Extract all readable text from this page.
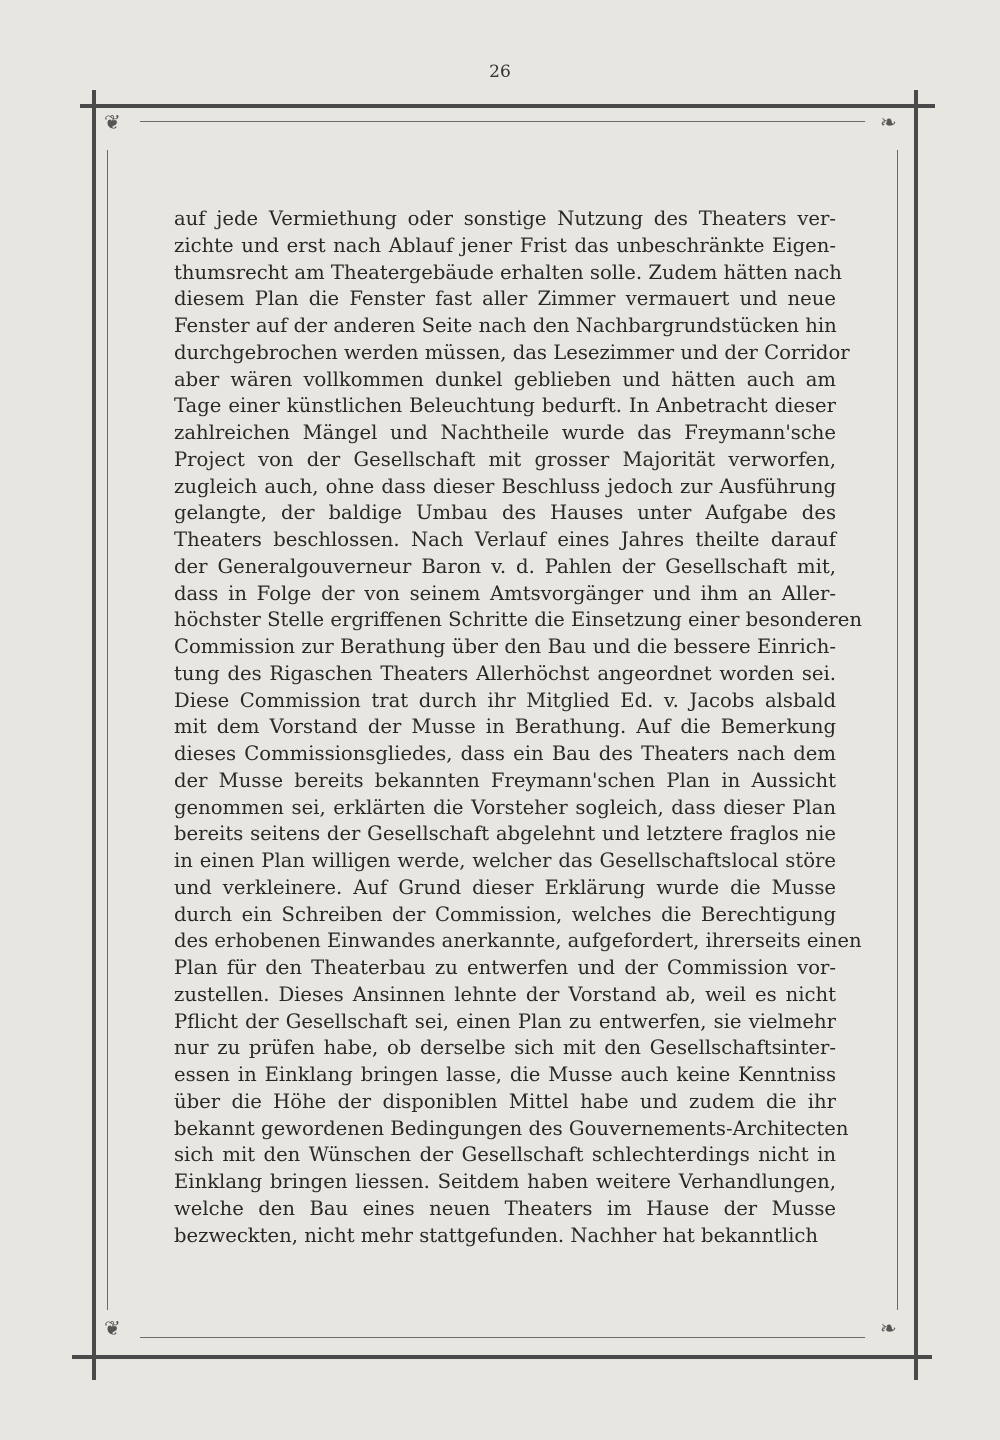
26
❦	❧
❦	❧

auf jede Vermiethung oder sonstige Nutzung des Theaters ver-
zichte und erst nach Ablauf jener Frist das unbeschränkte Eigen-
thumsrecht am Theatergebäude erhalten solle. Zudem hätten nach
diesem Plan die Fenster fast aller Zimmer vermauert und neue
Fenster auf der anderen Seite nach den Nachbargrundstücken hin
durchgebrochen werden müssen, das Lesezimmer und der Corridor
aber wären vollkommen dunkel geblieben und hätten auch am
Tage einer künstlichen Beleuchtung bedurft. In Anbetracht dieser
zahlreichen Mängel und Nachtheile wurde das Freymann'sche
Project von der Gesellschaft mit grosser Majorität verworfen,
zugleich auch, ohne dass dieser Beschluss jedoch zur Ausführung
gelangte, der baldige Umbau des Hauses unter Aufgabe des
Theaters beschlossen. Nach Verlauf eines Jahres theilte darauf
der Generalgouverneur Baron v. d. Pahlen der Gesellschaft mit,
dass in Folge der von seinem Amtsvorgänger und ihm an Aller-
höchster Stelle ergriffenen Schritte die Einsetzung einer besonderen
Commission zur Berathung über den Bau und die bessere Einrich-
tung des Rigaschen Theaters Allerhöchst angeordnet worden sei.
Diese Commission trat durch ihr Mitglied Ed. v. Jacobs alsbald
mit dem Vorstand der Musse in Berathung. Auf die Bemerkung
dieses Commissionsgliedes, dass ein Bau des Theaters nach dem
der Musse bereits bekannten Freymann'schen Plan in Aussicht
genommen sei, erklärten die Vorsteher sogleich, dass dieser Plan
bereits seitens der Gesellschaft abgelehnt und letztere fraglos nie
in einen Plan willigen werde, welcher das Gesellschaftslocal störe
und verkleinere. Auf Grund dieser Erklärung wurde die Musse
durch ein Schreiben der Commission, welches die Berechtigung
des erhobenen Einwandes anerkannte, aufgefordert, ihrerseits einen
Plan für den Theaterbau zu entwerfen und der Commission vor-
zustellen. Dieses Ansinnen lehnte der Vorstand ab, weil es nicht
Pflicht der Gesellschaft sei, einen Plan zu entwerfen, sie vielmehr
nur zu prüfen habe, ob derselbe sich mit den Gesellschaftsinter-
essen in Einklang bringen lasse, die Musse auch keine Kenntniss
über die Höhe der disponiblen Mittel habe und zudem die ihr
bekannt gewordenen Bedingungen des Gouvernements-Architecten
sich mit den Wünschen der Gesellschaft schlechterdings nicht in
Einklang bringen liessen. Seitdem haben weitere Verhandlungen,
welche den Bau eines neuen Theaters im Hause der Musse
bezweckten, nicht mehr stattgefunden. Nachher hat bekanntlich
